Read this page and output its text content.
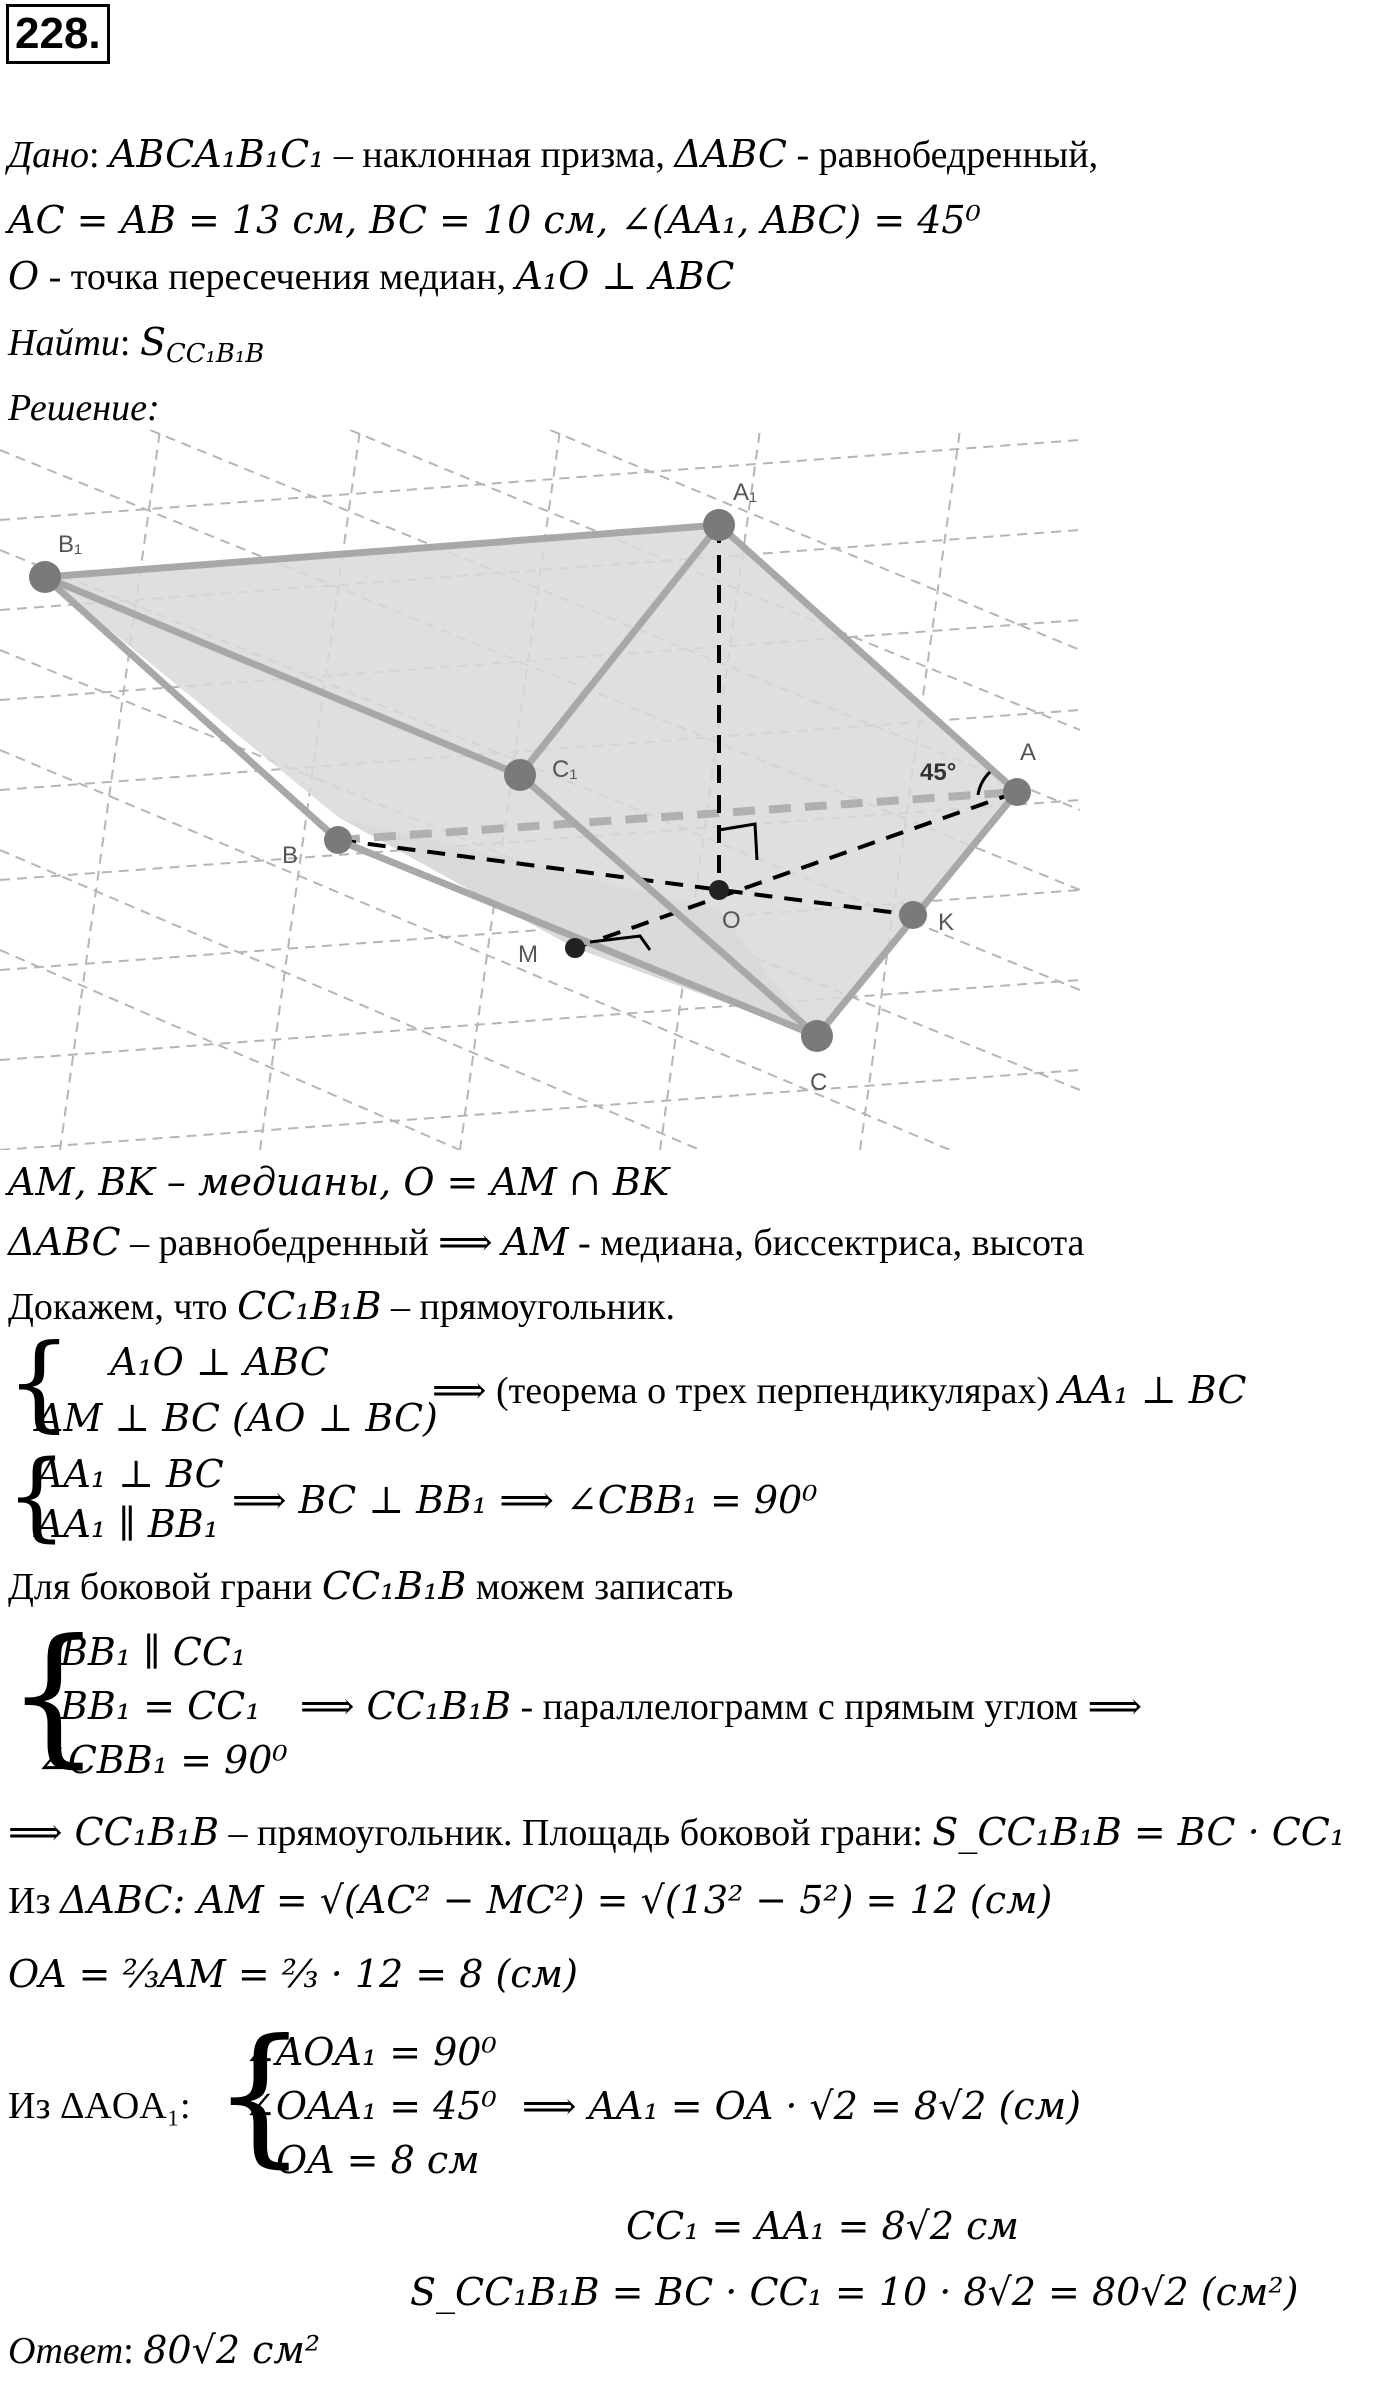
228.
Дано: ABCA₁B₁C₁ – наклонная призма, ΔABC - равнобедренный,
AC = AB = 13 см, BC = 10 см, ∠(AA₁, ABC) = 45⁰
O - точка пересечения медиан, A₁O ⊥ ABC
Найти: $S_{CC_1B_1B}$
Решение:
B₁
A₁
C₁
A
B
O	K
M
C
45°
AM, BK – медианы, O = AM ∩ BK
ΔABC – равнобедренный ⟹ AM - медиана, биссектриса, высота
Докажем, что CC₁B₁B – прямоугольник.
{ A₁O ⊥ ABC
AM ⊥ BC (AO ⊥ BC)
⟹ (теорема о трех перпендикулярах) AA₁ ⊥ BC
{
AA₁ ⊥ BC
AA₁ ∥ BB₁
⟹ BC ⊥ BB₁ ⟹ ∠CBB₁ = 90⁰
Для боковой грани CC₁B₁B можем записать
{
BB₁ ∥ CC₁
BB₁ = CC₁
∠CBB₁ = 90⁰
⟹ CC₁B₁B - параллелограмм с прямым углом ⟹
⟹ CC₁B₁B – прямоугольник. Площадь боковой грани: S_CC₁B₁B = BC · CC₁
Из ΔABC: AM = √(AC² − MC²) = √(13² − 5²) = 12 (см)
OA = ⅔AM = ⅔ · 12 = 8 (см)
Из ΔAOA₁: {
∠AOA₁ = 90⁰
∠OAA₁ = 45⁰
OA = 8 см
⟹ AA₁ = OA · √2 = 8√2 (см)
CC₁ = AA₁ = 8√2 см
S_CC₁B₁B = BC · CC₁ = 10 · 8√2 = 80√2 (см²)
Ответ: 80√2 см²
